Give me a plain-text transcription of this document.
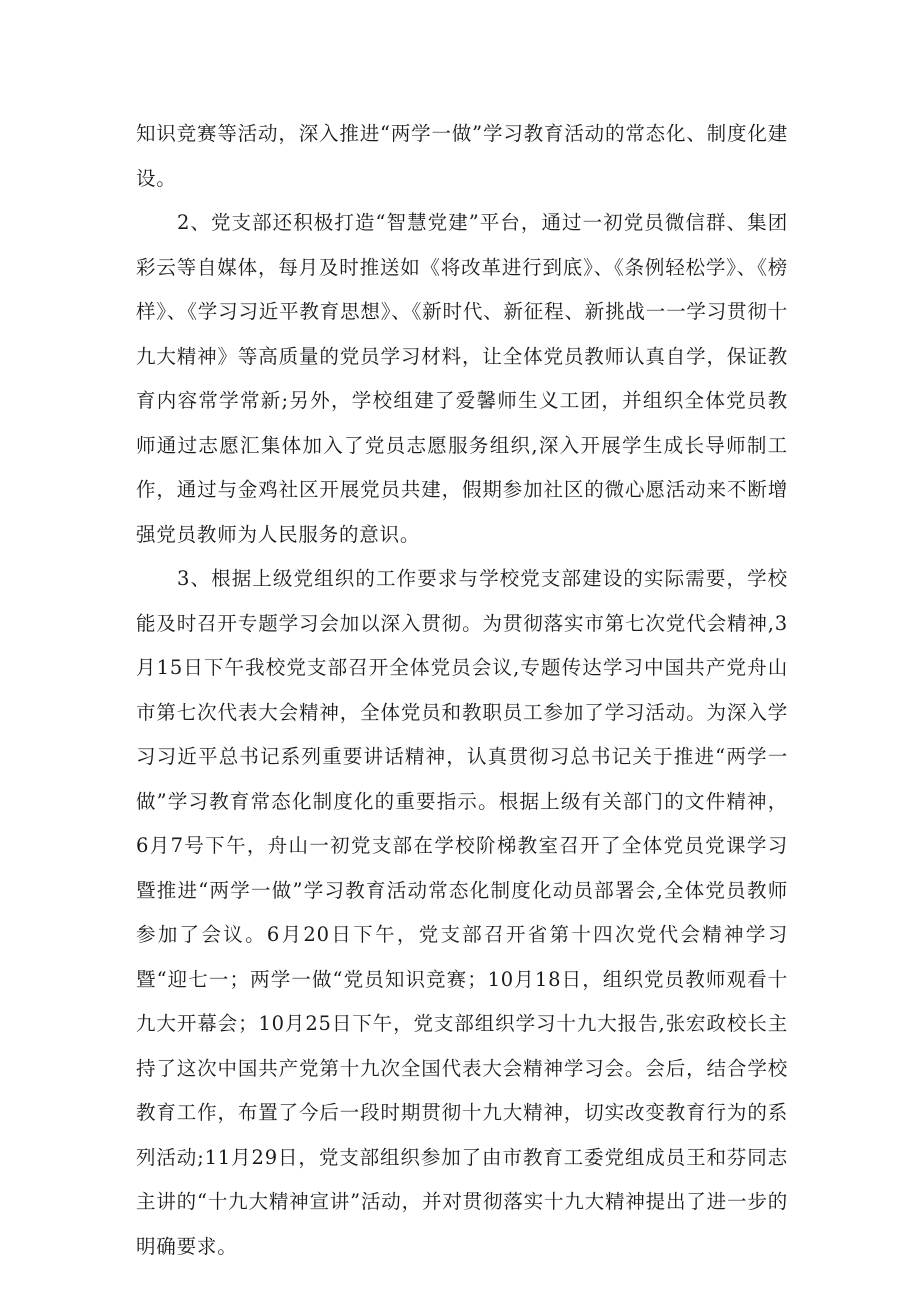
知识竞赛等活动，深入推进“两学一做”学习教育活动的常态化、制度化建设。

2、党支部还积极打造“智慧党建”平台，通过一初党员微信群、集团彩云等自媒体，每月及时推送如《将改革进行到底》、《条例轻松学》、《榜样》、《学习习近平教育思想》、《新时代、新征程、新挑战一一学习贯彻十九大精神》等高质量的党员学习材料，让全体党员教师认真自学，保证教育内容常学常新;另外，学校组建了爱馨师生义工团，并组织全体党员教师通过志愿汇集体加入了党员志愿服务组织,深入开展学生成长导师制工作，通过与金鸡社区开展党员共建，假期参加社区的微心愿活动来不断增强党员教师为人民服务的意识。

3、根据上级党组织的工作要求与学校党支部建设的实际需要，学校能及时召开专题学习会加以深入贯彻。为贯彻落实市第七次党代会精神,3月15日下午我校党支部召开全体党员会议,专题传达学习中国共产党舟山市第七次代表大会精神，全体党员和教职员工参加了学习活动。为深入学习习近平总书记系列重要讲话精神，认真贯彻习总书记关于推进“两学一做”学习教育常态化制度化的重要指示。根据上级有关部门的文件精神，6月7号下午，舟山一初党支部在学校阶梯教室召开了全体党员党课学习暨推进“两学一做”学习教育活动常态化制度化动员部署会,全体党员教师参加了会议。6月20日下午，党支部召开省第十四次党代会精神学习暨“迎七一；两学一做“党员知识竞赛；10月18日，组织党员教师观看十九大开幕会；10月25日下午，党支部组织学习十九大报告,张宏政校长主持了这次中国共产党第十九次全国代表大会精神学习会。会后，结合学校教育工作，布置了今后一段时期贯彻十九大精神，切实改变教育行为的系列活动;11月29日，党支部组织参加了由市教育工委党组成员王和芬同志主讲的“十九大精神宣讲”活动，并对贯彻落实十九大精神提出了进一步的明确要求。
